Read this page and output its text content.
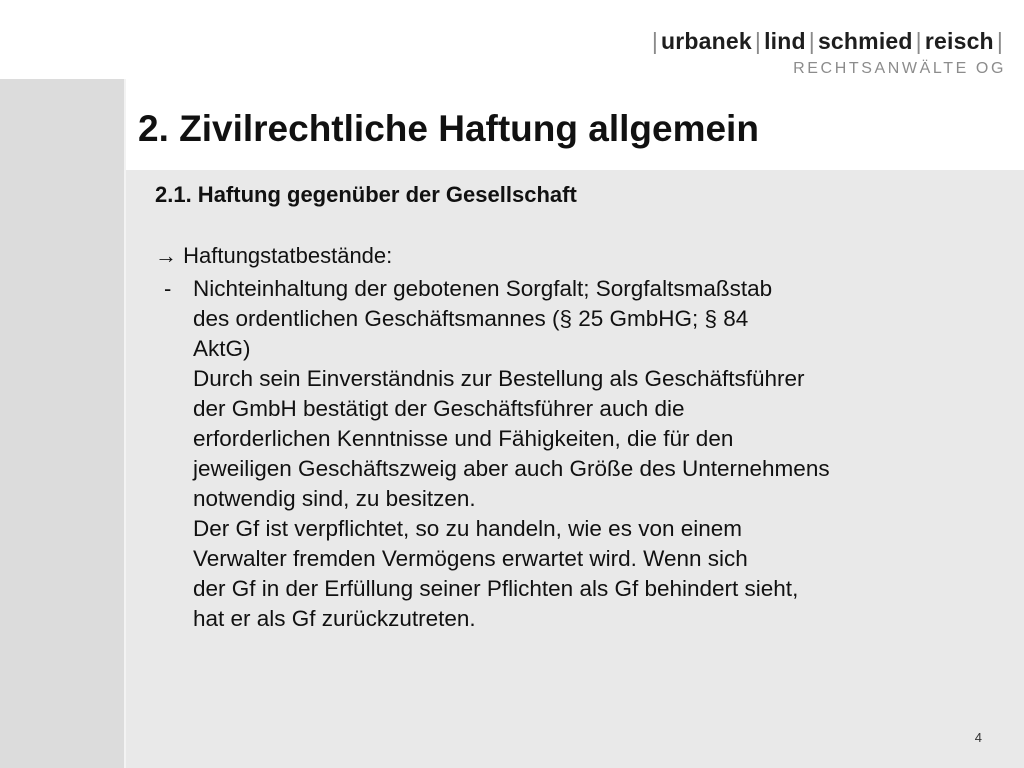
| urbanek | lind | schmied | reisch |
RECHTSANWÄLTE OG
2. Zivilrechtliche Haftung allgemein
2.1. Haftung gegenüber der Gesellschaft
→ Haftungstatbestände:
- Nichteinhaltung der gebotenen Sorgfalt; Sorgfaltsmaßstab
des ordentlichen Geschäftsmannes (§ 25 GmbHG; § 84
AktG)
Durch sein Einverständnis zur Bestellung als Geschäftsführer
der GmbH bestätigt der Geschäftsführer auch die
erforderlichen Kenntnisse und Fähigkeiten, die für den
jeweiligen Geschäftszweig aber auch Größe des Unternehmens
notwendig sind, zu besitzen.
Der Gf ist verpflichtet, so zu handeln, wie es von einem
Verwalter fremden Vermögens erwartet wird. Wenn sich
der Gf in der Erfüllung seiner Pflichten als Gf behindert sieht,
hat er als Gf zurückzutreten.
4
